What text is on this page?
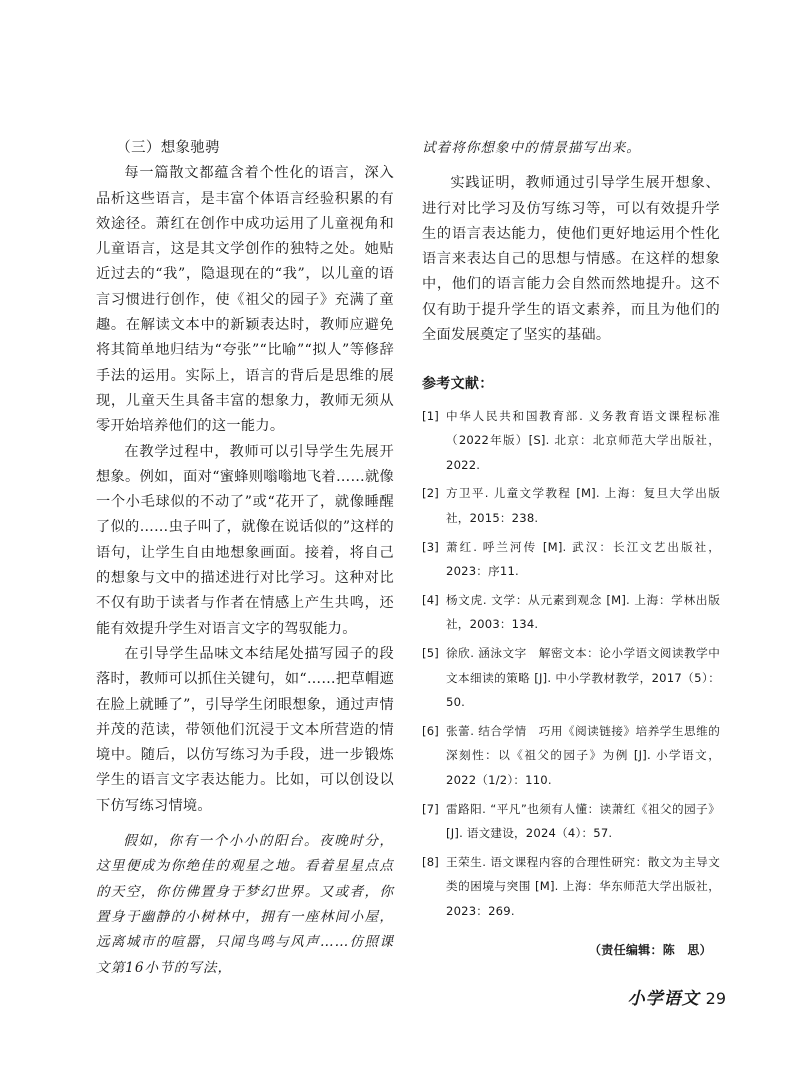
（三）想象驰骋

每一篇散文都蕴含着个性化的语言，深入品析这些语言，是丰富个体语言经验积累的有效途径。萧红在创作中成功运用了儿童视角和儿童语言，这是其文学创作的独特之处。她贴近过去的“我”，隐退现在的“我”，以儿童的语言习惯进行创作，使《祖父的园子》充满了童趣。在解读文本中的新颖表达时，教师应避免将其简单地归结为“夸张”“比喻”“拟人”等修辞手法的运用。实际上，语言的背后是思维的展现，儿童天生具备丰富的想象力，教师无须从零开始培养他们的这一能力。

在教学过程中，教师可以引导学生先展开想象。例如，面对“蜜蜂则嗡嗡地飞着……就像一个小毛球似的不动了”或“花开了，就像睡醒了似的……虫子叫了，就像在说话似的”这样的语句，让学生自由地想象画面。接着，将自己的想象与文中的描述进行对比学习。这种对比不仅有助于读者与作者在情感上产生共鸣，还能有效提升学生对语言文字的驾驭能力。

在引导学生品味文本结尾处描写园子的段落时，教师可以抓住关键句，如“……把草帽遮在脸上就睡了”，引导学生闭眼想象，通过声情并茂的范读，带领他们沉浸于文本所营造的情境中。随后，以仿写练习为手段，进一步锻炼学生的语言文字表达能力。比如，可以创设以下仿写练习情境。

假如，你有一个小小的阳台。夜晚时分，这里便成为你绝佳的观星之地。看着星星点点的天空，你仿佛置身于梦幻世界。又或者，你置身于幽静的小树林中，拥有一座林间小屋，远离城市的喧嚣，只闻鸟鸣与风声……仿照课文第16小节的写法，

试着将你想象中的情景描写出来。

实践证明，教师通过引导学生展开想象、进行对比学习及仿写练习等，可以有效提升学生的语言表达能力，使他们更好地运用个性化语言来表达自己的思想与情感。在这样的想象中，他们的语言能力会自然而然地提升。这不仅有助于提升学生的语文素养，而且为他们的全面发展奠定了坚实的基础。

参考文献：
[1] 中华人民共和国教育部. 义务教育语文课程标准（2022年版）[S]. 北京：北京师范大学出版社，2022.
[2] 方卫平. 儿童文学教程 [M]. 上海：复旦大学出版社，2015：238.
[3] 萧红. 呼兰河传 [M]. 武汉：长江文艺出版社，2023：序11.
[4] 杨文虎. 文学：从元素到观念 [M]. 上海：学林出版社，2003：134.
[5] 徐欣. 涵泳文字　解密文本：论小学语文阅读教学中文本细读的策略 [J]. 中小学教材教学，2017（5）：50.
[6] 张蕾. 结合学情　巧用《阅读链接》培养学生思维的深刻性：以《祖父的园子》为例 [J]. 小学语文，2022（1/2）：110.
[7] 雷路阳. “平凡”也须有人懂：读萧红《祖父的园子》[J]. 语文建设，2024（4）：57.
[8] 王荣生. 语文课程内容的合理性研究：散文为主导文类的困境与突围 [M]. 上海：华东师范大学出版社，2023：269.
（责任编辑：陈　思）
小学语文 29
